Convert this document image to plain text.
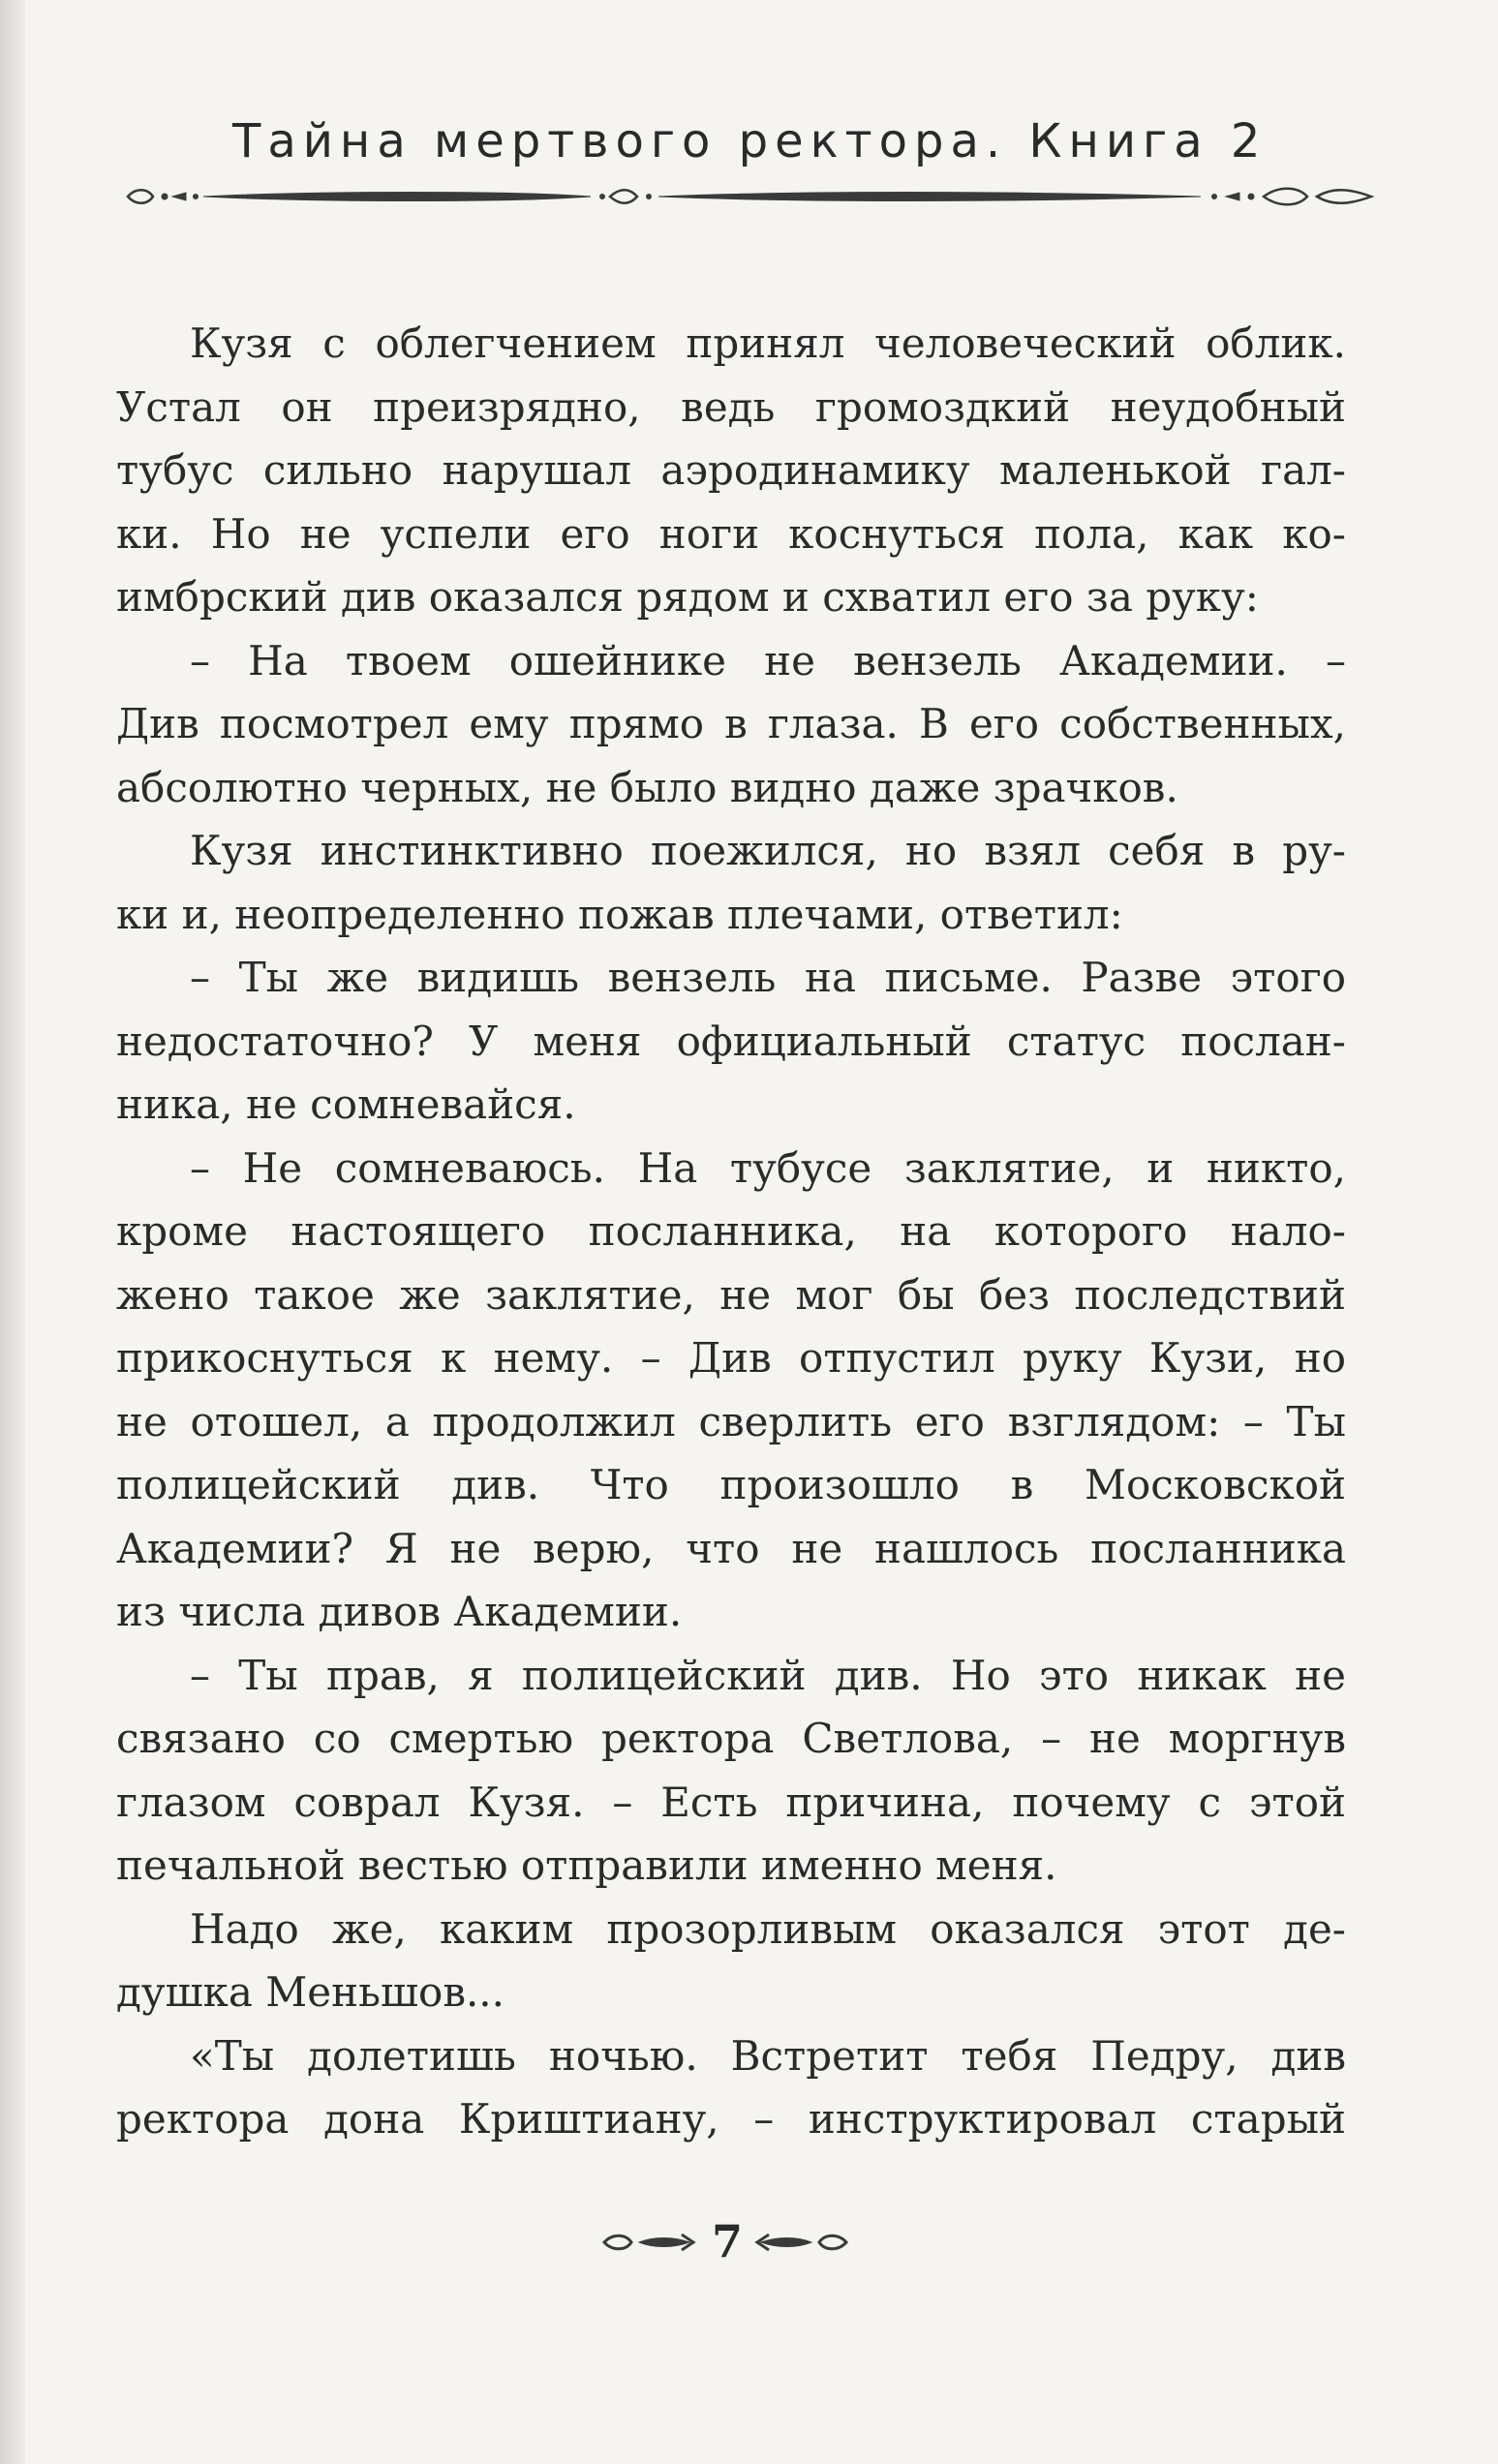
Тайна мертвого ректора. Книга 2
Кузя с облегчением принял человеческий облик.
Устал он преизрядно, ведь громоздкий неудобный
тубус сильно нарушал аэродинамику маленькой гал-
ки. Но не успели его ноги коснуться пола, как ко-
имбрский див оказался рядом и схватил его за руку:
– На твоем ошейнике не вензель Академии. –
Див посмотрел ему прямо в глаза. В его собственных,
абсолютно черных, не было видно даже зрачков.
Кузя инстинктивно поежился, но взял себя в ру-
ки и, неопределенно пожав плечами, ответил:
– Ты же видишь вензель на письме. Разве этого
недостаточно? У меня официальный статус послан-
ника, не сомневайся.
– Не сомневаюсь. На тубусе заклятие, и никто,
кроме настоящего посланника, на которого нало-
жено такое же заклятие, не мог бы без последствий
прикоснуться к нему. – Див отпустил руку Кузи, но
не отошел, а продолжил сверлить его взглядом: – Ты
полицейский див. Что произошло в Московской
Академии? Я не верю, что не нашлось посланника
из числа дивов Академии.
– Ты прав, я полицейский див. Но это никак не
связано со смертью ректора Светлова, – не моргнув
глазом соврал Кузя. – Есть причина, почему с этой
печальной вестью отправили именно меня.
Надо же, каким прозорливым оказался этот де-
душка Меньшов...
«Ты долетишь ночью. Встретит тебя Педру, див
ректора дона Криштиану, – инструктировал старый
7
